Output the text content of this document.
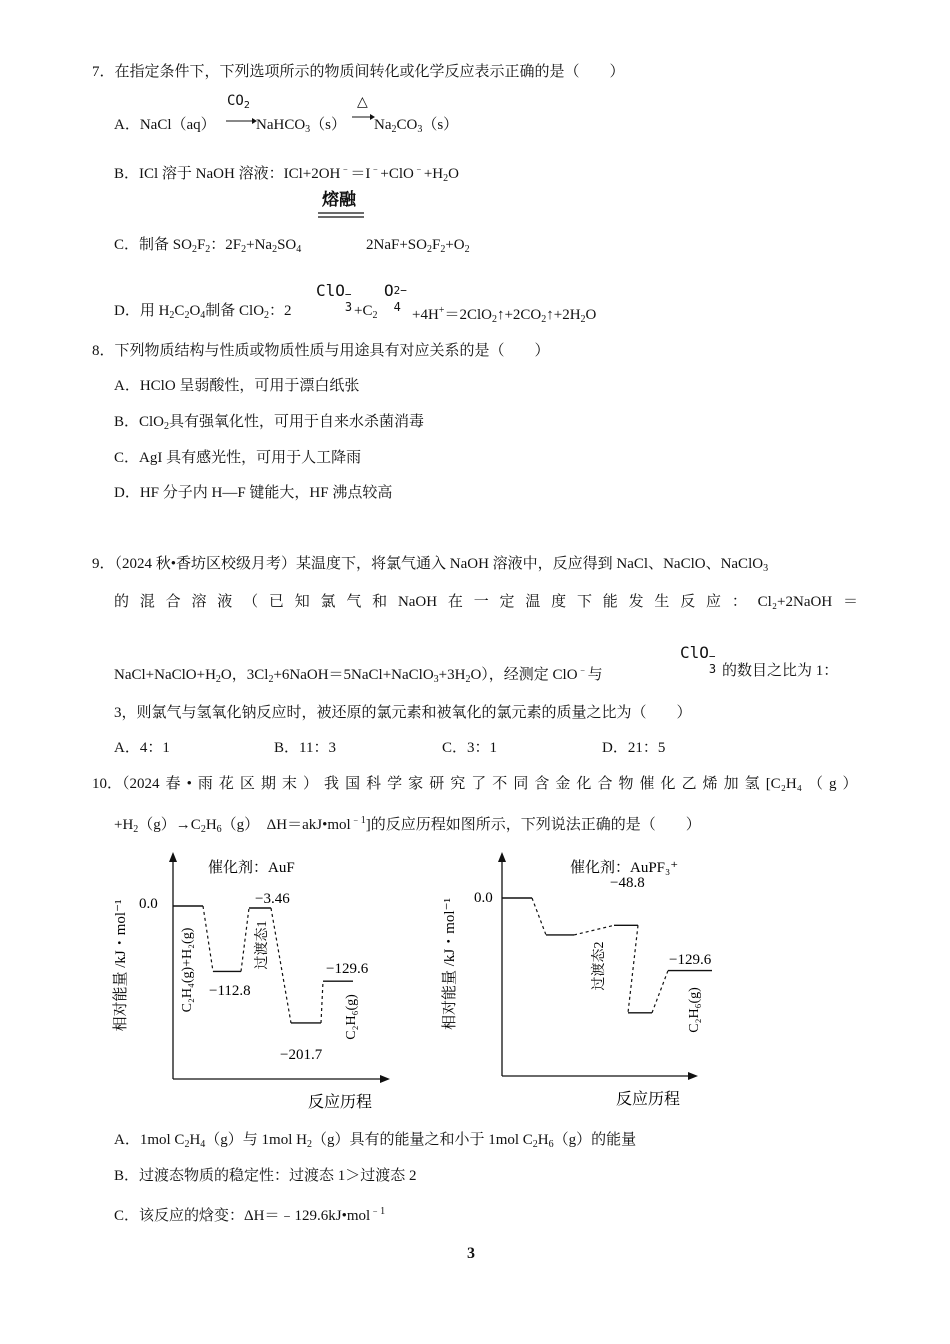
7．在指定条件下，下列选项所示的物质间转化或化学反应表示正确的是（　　）
A．NaCl（aq）
$CO_2$
NaHCO$_3$（s）
△
$Na_2CO_3(s)$
B．ICl 溶于 NaOH 溶液：$ICl+2OH^﹣=I^﹣+ClO^﹣+H_2O$
熔融
C．制备 $SO_2F_2$：$2F_2+Na_2SO_4$	$2NaF+SO_2F_2+O_2$
D．用 $H_2C_2O_4$制备 ClO$_2$：2
ClO −
$3 +C_2$
O 2−
$4 +4H^+=2ClO_2↑+2CO_2↑+2H_2O$
8．下列物质结构与性质或物质性质与用途具有对应关系的是（　　）
A．HClO 呈弱酸性，可用于漂白纸张
B．ClO$_2$具有强氧化性，可用于自来水杀菌消毒
C．AgI 具有感光性，可用于人工降雨
D．HF 分子内 H—F 键能大，HF 沸点较高
9．（2024 秋•香坊区校级月考）某温度下，将氯气通入 NaOH 溶液中，反应得到 NaCl、NaClO、NaClO$_3$
的 混 合 溶 液 （ 已 知 氯 气 和 NaOH 在 一 定 温 度 下 能 发 生 反 应 ： Cl₂+2NaOH ＝
$NaCl+NaClO+H_2O$，$3Cl_2+6NaOH=5NaCl+NaClO_3+3H_2O$），经测定 ClO﹣与
ClO −
3 的数目之比为 1：
3，则氯气与氢氧化钠反应时，被还原的氯元素和被氧化的氯元素的质量之比为（　　）
A．4：1	B．11：3	C．3：1	D．21：5
10．（2024 春 • 雨 花 区 期 末 ） 我 国 科 学 家 研 究 了 不 同 含 金 化 合 物 催 化 乙 烯 加 氢 [C₂H₄ （ g ）
$+H_2(g)\to C_2H_6(g)$　ΔH＝akJ•mol$^{﹣1}$]的反应历程如图所示，下列说法正确的是（　　）
反应历程
相对能量 /kJ・mol⁻¹
催化剂：AuF
0.0
C₂H₄(g)+H₂(g) −112.8
−3.46
过渡态1
−201.7
−129.6
C₂H₆(g)
反应历程
相对能量 /kJ・mol⁻¹
催化剂：AuPF₃⁺
0.0
−48.8
过渡态2	−129.6
C₂H₆(g)
A．1mol $C_2H_4(g)$与 1mol $H_2(g)$具有的能量之和小于 1mol $C_2H_6(g)$的能量
B．过渡态物质的稳定性：过渡态 1＞过渡态 2
C．该反应的焓变：ΔH＝﹣129.6kJ•mol$^{﹣1}$
3
